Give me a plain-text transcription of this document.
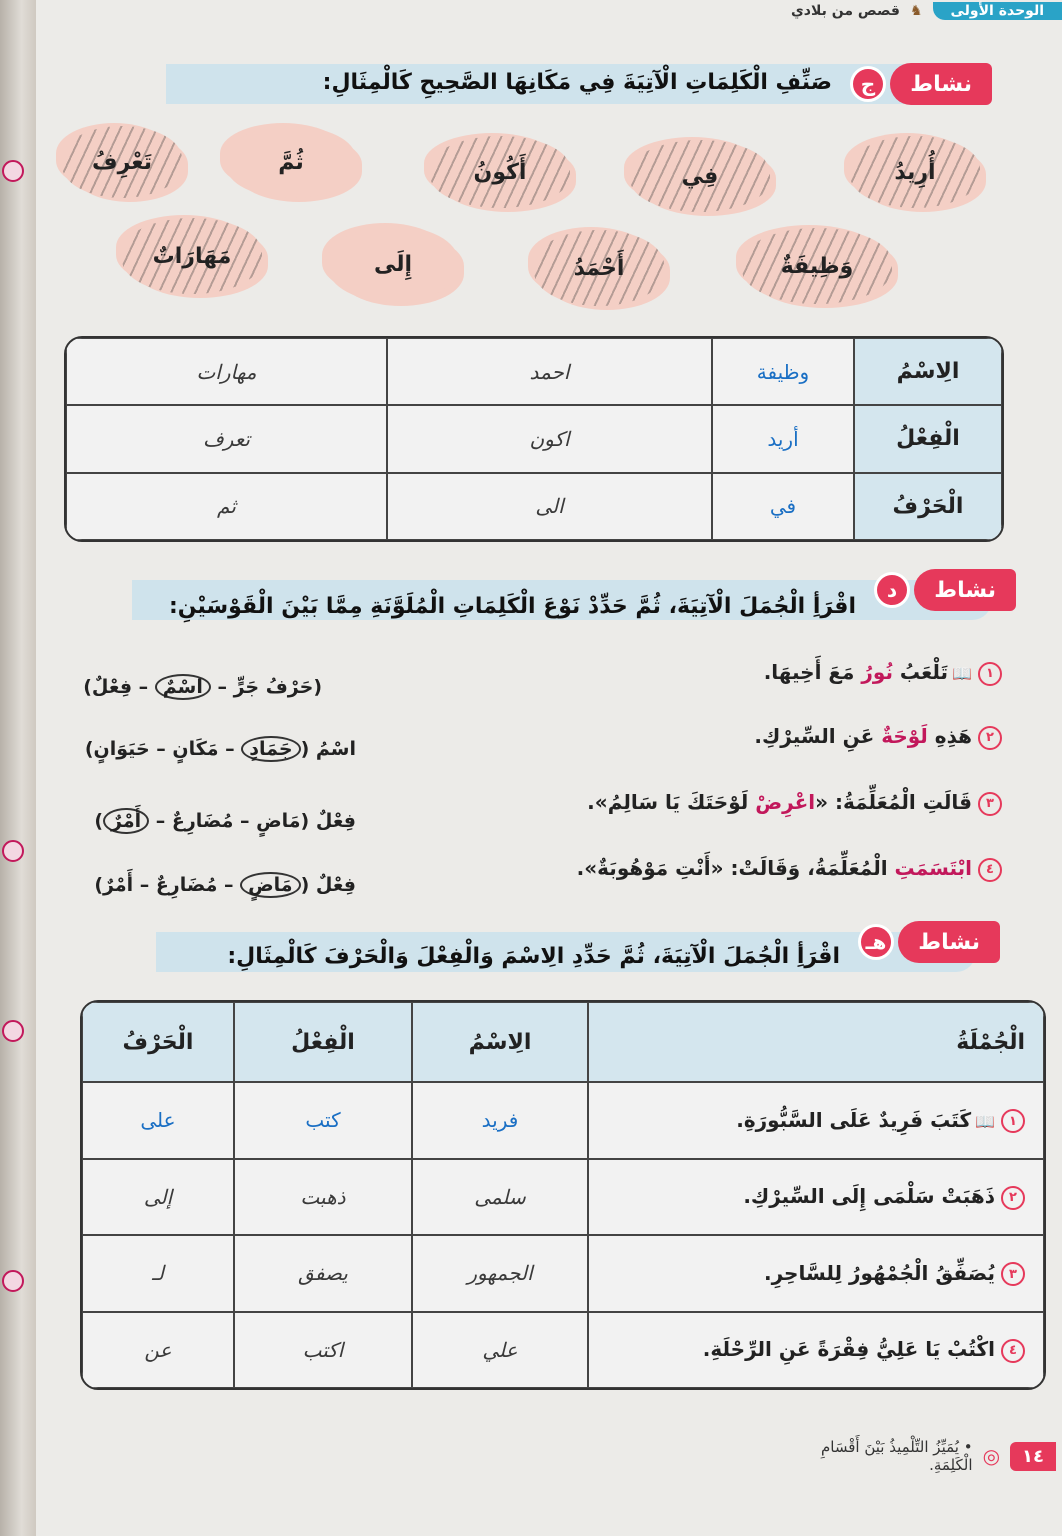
الوحدة الأولى
♞
قصص من بلادي
نشاط
ج
صَنِّفِ الْكَلِمَاتِ الْآتِيَةَ فِي مَكَانِهَا الصَّحِيحِ كَالْمِثَالِ:
أُرِيدُ
فِي
أَكُونُ
ثُمَّ
تَعْرِفُ
وَظِيفَةٌ
أَحْمَدُ
إِلَى
مَهَارَاتٌ
الِاسْمُ	وظيفة	احمد	مهارات
الْفِعْلُ	أريد	اكون	تعرف
الْحَرْفُ	في	الى	ثم
نشاط
د
اقْرَأِ الْجُمَلَ الْآتِيَةَ، ثُمَّ حَدِّدْ نَوْعَ الْكَلِمَاتِ الْمُلَوَّنَةِ مِمَّا بَيْنَ الْقَوْسَيْنِ:
١📖تَلْعَبُ نُورُ مَعَ أَخِيهَا.
(حَرْفُ جَرٍّ – اسْمٌ – فِعْلٌ)
٢هَذِهِ لَوْحَةٌ عَنِ السِّيرْكِ.
اسْمُ (جَمَادٍ – مَكَانٍ – حَيَوَانٍ)
٣قَالَتِ الْمُعَلِّمَةُ: «اعْرِضْ لَوْحَتَكَ يَا سَالِمُ».
فِعْلٌ (مَاضٍ – مُضَارِعٌ – أَمْرٌ)
٤ابْتَسَمَتِ الْمُعَلِّمَةُ، وَقَالَتْ: «أَنْتِ مَوْهُوبَةٌ».
فِعْلٌ (مَاضٍ – مُضَارِعٌ – أَمْرٌ)
نشاط
هـ
اقْرَأِ الْجُمَلَ الْآتِيَةَ، ثُمَّ حَدِّدِ الِاسْمَ وَالْفِعْلَ وَالْحَرْفَ كَالْمِثَالِ:
الْجُمْلَةُ	الِاسْمُ	الْفِعْلُ	الْحَرْفُ
١📖كَتَبَ فَرِيدٌ عَلَى السَّبُّورَةِ.	فريد	كتب	على
٢ذَهَبَتْ سَلْمَى إِلَى السِّيرْكِ.	سلمى	ذهبت	إلى
٣يُصَفِّقُ الْجُمْهُورُ لِلسَّاحِرِ.	الجمهور	يصفق	لـ
٤اكْتُبْ يَا عَلِيُّ فِقْرَةً عَنِ الرِّحْلَةِ.	علي	اكتب	عن
١٤
◎
• يُمَيِّزُ التِّلْمِيذُ بَيْنَ أَقْسَامِ الْكَلِمَةِ.
